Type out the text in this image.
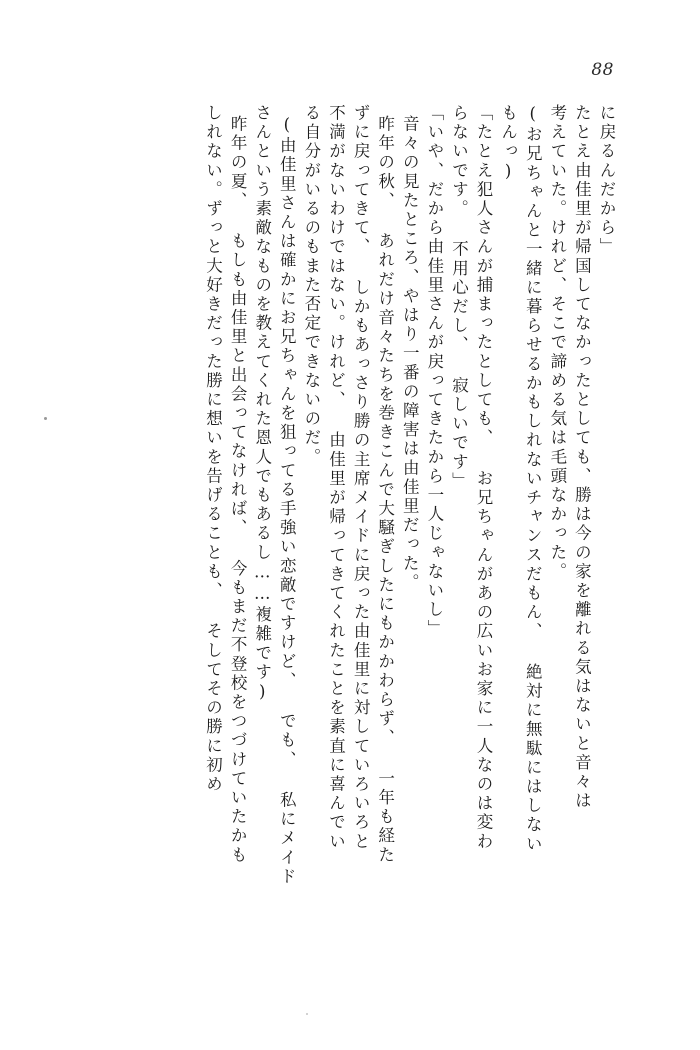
88
に戻るんだから」
たとえ由佳里が帰国してなかったとしても、勝は今の家を離れる気はないと音々は
考えていた。けれど、そこで諦める気は毛頭なかった。
(お兄ちゃんと一緒に暮らせるかもしれないチャンスだもん、 絶対に無駄にはしない
もんっ)
「たとえ犯人さんが捕まったとしても、 お兄ちゃんがあの広いお家に一人なのは変わ
らないです。 不用心だし、 寂しいです」
「いや、だから由佳里さんが戻ってきたから一人じゃないし」
音々の見たところ、やはり一番の障害は由佳里だった。
昨年の秋、 あれだけ音々たちを巻きこんで大騒ぎしたにもかかわらず、 一年も経た
ずに戻ってきて、 しかもあっさり勝の主席メイドに戻った由佳里に対していろいろと
不満がないわけではない。けれど、 由佳里が帰ってきてくれたことを素直に喜んでい
る自分がいるのもまた否定できないのだ。
(由佳里さんは確かにお兄ちゃんを狙ってる手強い恋敵ですけど、 でも、 私にメイド
さんという素敵なものを教えてくれた恩人でもあるし……複雑です)
昨年の夏、 もしも由佳里と出会ってなければ、 今もまだ不登校をつづけていたかも
しれない。ずっと大好きだった勝に想いを告げることも、 そしてその勝に初め
